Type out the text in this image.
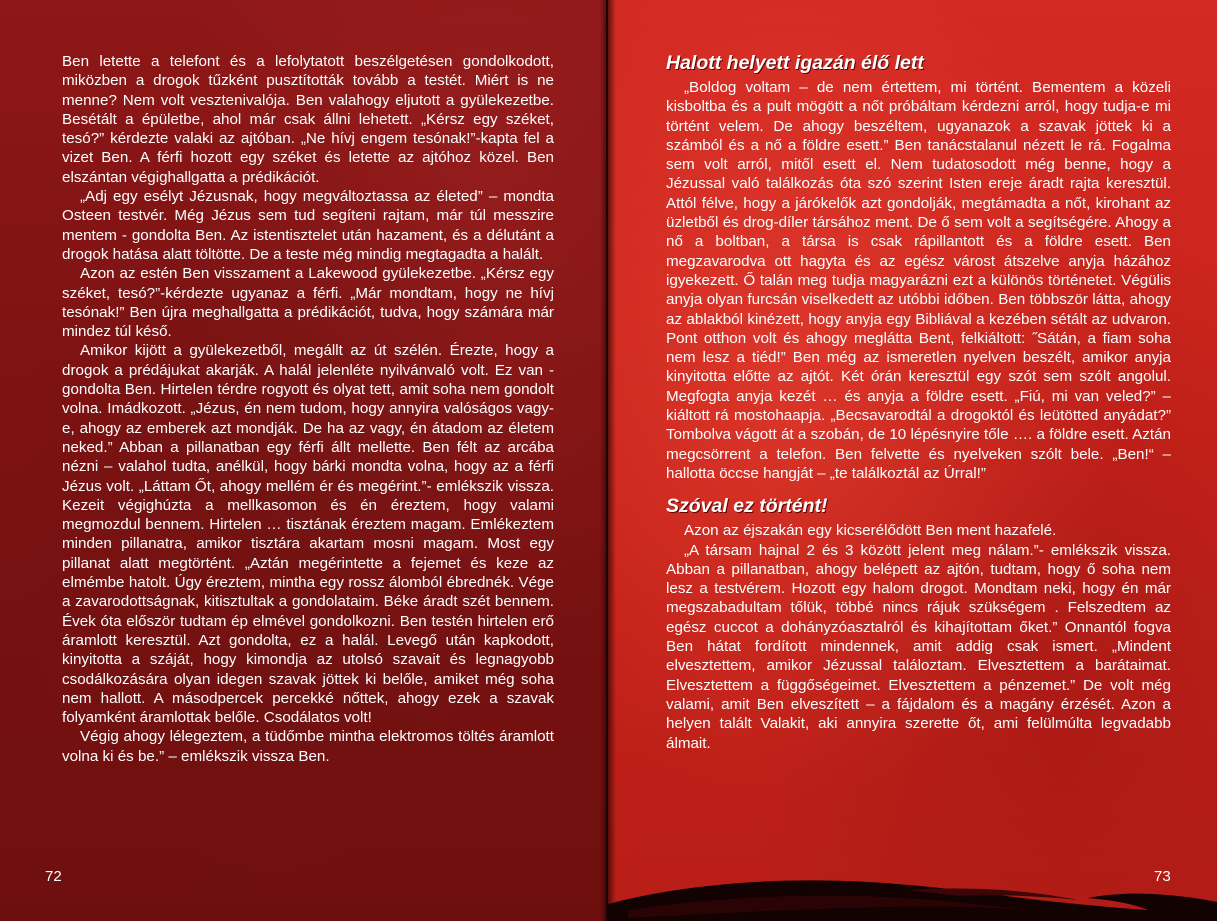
Ben letette a telefont és a lefolytatott beszélgetésen gondolkodott, miközben a drogok tűzként pusztították tovább a testét. Miért is ne menne? Nem volt vesztenivalója. Ben valahogy eljutott a gyülekezetbe. Besétált a épületbe, ahol már csak állni lehetett. „Kérsz egy széket, tesó?” kérdezte valaki az ajtóban. „Ne hívj engem tesónak!”-kapta fel a vizet Ben. A férfi hozott egy széket és letette az ajtóhoz közel. Ben elszántan végighallgatta a prédikációt.

„Adj egy esélyt Jézusnak, hogy megváltoztassa az életed” – mondta Osteen testvér. Még Jézus sem tud segíteni rajtam, már túl messzire mentem - gondolta Ben. Az istentisztelet után hazament, és a délutánt a drogok hatása alatt töltötte. De a teste még mindig megtagadta a halált.

Azon az estén Ben visszament a Lakewood gyülekezetbe. „Kérsz egy széket, tesó?”-kérdezte ugyanaz a férfi. „Már mondtam, hogy ne hívj tesónak!” Ben újra meghallgatta a prédikációt, tudva, hogy számára már mindez túl késő.

Amikor kijött a gyülekezetből, megállt az út szélén. Érezte, hogy a drogok a prédájukat akarják. A halál jelenléte nyilvánvaló volt. Ez van - gondolta Ben. Hirtelen térdre rogyott és olyat tett, amit soha nem gondolt volna. Imádkozott. „Jézus, én nem tudom, hogy annyira valóságos vagy-e, ahogy az emberek azt mondják. De ha az vagy, én átadom az életem neked.” Abban a pillanatban egy férfi állt mellette. Ben félt az arcába nézni – valahol tudta, anélkül, hogy bárki mondta volna, hogy az a férfi Jézus volt. „Láttam Őt, ahogy mellém ér és megérint.”- emlékszik vissza. Kezeit végighúzta a mellkasomon és én éreztem, hogy valami megmozdul bennem. Hirtelen … tisztának éreztem magam. Emlékeztem minden pillanatra, amikor tisztára akartam mosni magam. Most egy pillanat alatt megtörtént. „Aztán megérintette a fejemet és keze az elmémbe hatolt. Úgy éreztem, mintha egy rossz álomból ébrednék. Vége a zavarodottságnak, kitisztultak a gondolataim. Béke áradt szét bennem. Évek óta először tudtam ép elmével gondolkozni. Ben testén hirtelen erő áramlott keresztül. Azt gondolta, ez a halál. Levegő után kapkodott, kinyitotta a száját, hogy kimondja az utolsó szavait és legnagyobb csodálkozására olyan idegen szavak jöttek ki belőle, amiket még soha nem hallott. A másodpercek percekké nőttek, ahogy ezek a szavak folyamként áramlottak belőle. Csodálatos volt!

Végig ahogy lélegeztem, a tüdőmbe mintha elektromos töltés áramlott volna ki és be.” – emlékszik vissza Ben.

72
Halott helyett igazán élő lett

„Boldog voltam – de nem értettem, mi történt. Bementem a közeli kisboltba és a pult mögött a nőt próbáltam kérdezni arról, hogy tudja-e mi történt velem. De ahogy beszéltem, ugyanazok a szavak jöttek ki a számból és a nő a földre esett.” Ben tanácstalanul nézett le rá. Fogalma sem volt arról, mitől esett el. Nem tudatosodott még benne, hogy a Jézussal való találkozás óta szó szerint Isten ereje áradt rajta keresztül. Attól félve, hogy a járókelők azt gondolják, megtámadta a nőt, kirohant az üzletből és drog-díler társához ment. De ő sem volt a segítségére. Ahogy a nő a boltban, a társa is csak rápillantott és a földre esett. Ben megzavarodva ott hagyta és az egész várost átszelve anyja házához igyekezett. Ő talán meg tudja magyarázni ezt a különös történetet. Végülis anyja olyan furcsán viselkedett az utóbbi időben. Ben többször látta, ahogy az ablakból kinézett, hogy anyja egy Bibliával a kezében sétált az udvaron. Pont otthon volt és ahogy meglátta Bent, felkiáltott: ˝Sátán, a fiam soha nem lesz a tiéd!” Ben még az ismeretlen nyelven beszélt, amikor anyja kinyitotta előtte az ajtót. Két órán keresztül egy szót sem szólt angolul. Megfogta anyja kezét … és anyja a földre esett. „Fiú, mi van veled?” – kiáltott rá mostohaapja. „Becsavarodtál a drogoktól és leütötted anyádat?” Tombolva vágott át a szobán, de 10 lépésnyire tőle …. a földre esett. Aztán megcsörrent a telefon. Ben felvette és nyelveken szólt bele. „Ben!“ – hallotta öccse hangját – „te találkoztál az Úrral!”

Szóval ez történt!

Azon az éjszakán egy kicserélődött Ben ment hazafelé.

„A társam hajnal 2 és 3 között jelent meg nálam.”- emlékszik vissza. Abban a pillanatban, ahogy belépett az ajtón, tudtam, hogy ő soha nem lesz a testvérem. Hozott egy halom drogot. Mondtam neki, hogy én már megszabadultam tőlük, többé nincs rájuk szükségem . Felszedtem az egész cuccot a dohányzóasztalról és kihajítottam őket.” Onnantól fogva Ben hátat fordított mindennek, amit addig csak ismert. „Mindent elvesztettem, amikor Jézussal találoztam. Elvesztettem a barátaimat. Elvesztettem a függőségeimet. Elvesztettem a pénzemet.” De volt még valami, amit Ben elveszített – a fájdalom és a magány érzését. Azon a helyen talált Valakit, aki annyira szerette őt, ami felülmúlta legvadabb álmait.

73
